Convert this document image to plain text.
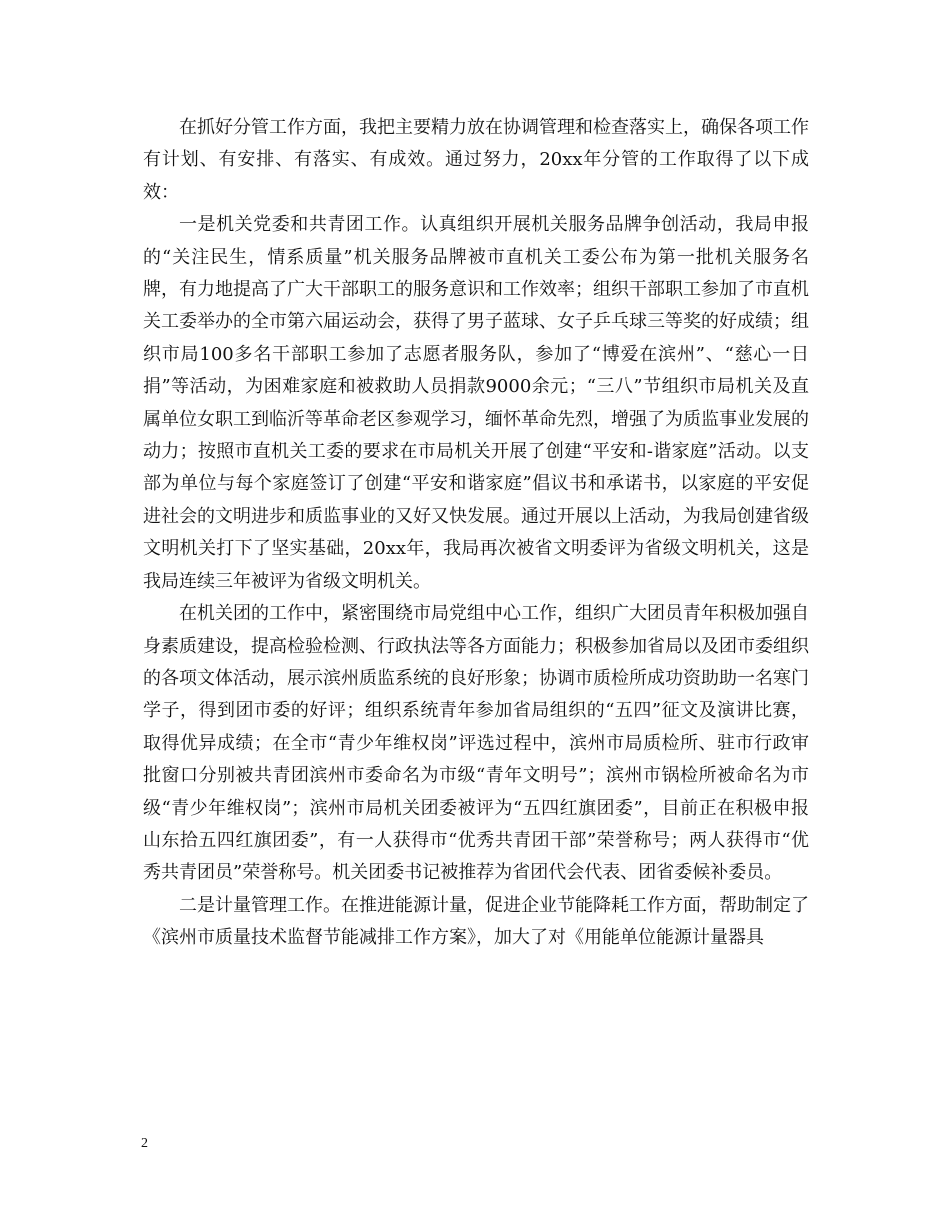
在抓好分管工作方面，我把主要精力放在协调管理和检查落实上，确保各项工作有计划、有安排、有落实、有成效。通过努力，20xx年分管的工作取得了以下成效：

一是机关党委和共青团工作。认真组织开展机关服务品牌争创活动，我局申报的“关注民生，情系质量”机关服务品牌被市直机关工委公布为第一批机关服务名牌，有力地提高了广大干部职工的服务意识和工作效率；组织干部职工参加了市直机关工委举办的全市第六届运动会，获得了男子蓝球、女子乒乓球三等奖的好成绩；组织市局100多名干部职工参加了志愿者服务队，参加了“博爱在滨州”、“慈心一日捐”等活动，为困难家庭和被救助人员捐款9000余元；“三八”节组织市局机关及直属单位女职工到临沂等革命老区参观学习，缅怀革命先烈，增强了为质监事业发展的动力；按照市直机关工委的要求在市局机关开展了创建“平安和-谐家庭”活动。以支部为单位与每个家庭签订了创建“平安和谐家庭”倡议书和承诺书，以家庭的平安促进社会的文明进步和质监事业的又好又快发展。通过开展以上活动，为我局创建省级文明机关打下了坚实基础，20xx年，我局再次被省文明委评为省级文明机关，这是我局连续三年被评为省级文明机关。

在机关团的工作中，紧密围绕市局党组中心工作，组织广大团员青年积极加强自身素质建设，提高检验检测、行政执法等各方面能力；积极参加省局以及团市委组织的各项文体活动，展示滨州质监系统的良好形象；协调市质检所成功资助助一名寒门学子，得到团市委的好评；组织系统青年参加省局组织的“五四”征文及演讲比赛，取得优异成绩；在全市“青少年维权岗”评选过程中，滨州市局质检所、驻市行政审批窗口分别被共青团滨州市委命名为市级“青年文明号”；滨州市锅检所被命名为市级“青少年维权岗”；滨州市局机关团委被评为“五四红旗团委”，目前正在积极申报山东拾五四红旗团委”，有一人获得市“优秀共青团干部”荣誉称号；两人获得市“优秀共青团员”荣誉称号。机关团委书记被推荐为省团代会代表、团省委候补委员。

二是计量管理工作。在推进能源计量，促进企业节能降耗工作方面，帮助制定了《滨州市质量技术监督节能减排工作方案》，加大了对《用能单位能源计量器具

2
